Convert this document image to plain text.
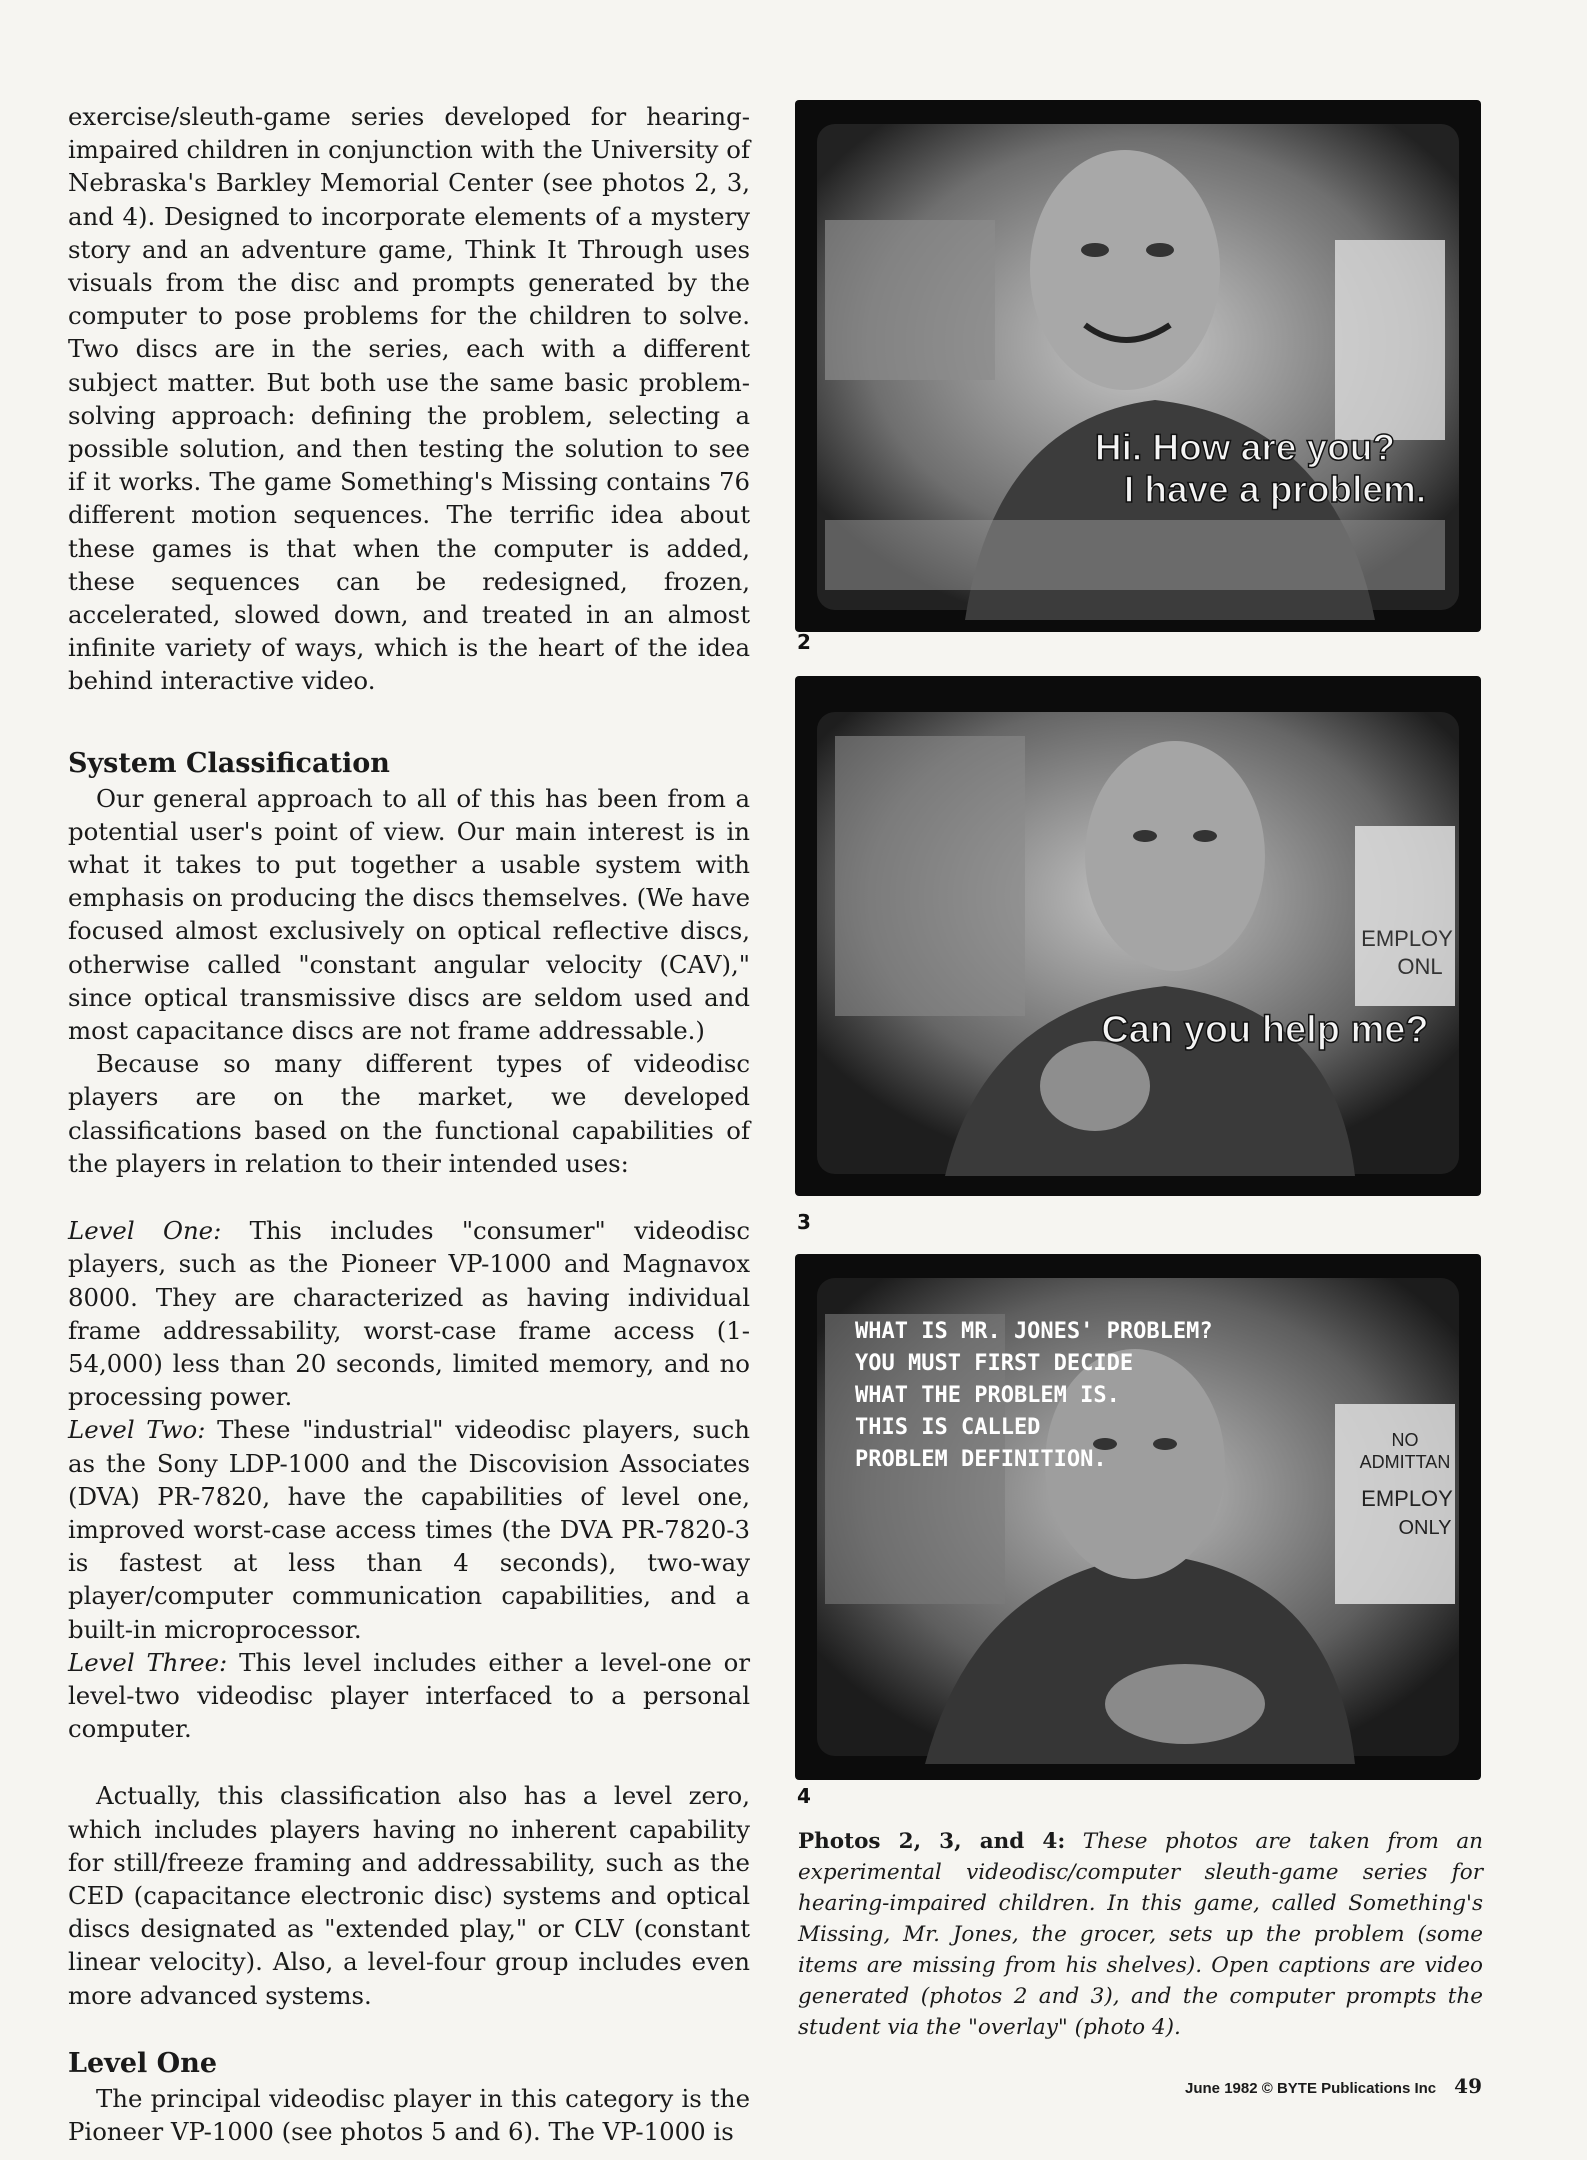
exercise/sleuth-game series developed for hearing-impaired children in conjunction with the University of Nebraska's Barkley Memorial Center (see photos 2, 3, and 4). Designed to incorporate elements of a mystery story and an adventure game, Think It Through uses visuals from the disc and prompts generated by the computer to pose problems for the children to solve. Two discs are in the series, each with a different subject matter. But both use the same basic problem-solving approach: defining the problem, selecting a possible solution, and then testing the solution to see if it works. The game Something's Missing contains 76 different motion sequences. The terrific idea about these games is that when the computer is added, these sequences can be redesigned, frozen, accelerated, slowed down, and treated in an almost infinite variety of ways, which is the heart of the idea behind interactive video.

System Classification

Our general approach to all of this has been from a potential user's point of view. Our main interest is in what it takes to put together a usable system with emphasis on producing the discs themselves. (We have focused almost exclusively on optical reflective discs, otherwise called "constant angular velocity (CAV)," since optical transmissive discs are seldom used and most capacitance discs are not frame addressable.)

Because so many different types of videodisc players are on the market, we developed classifications based on the functional capabilities of the players in relation to their intended uses:

Level One: This includes "consumer" videodisc players, such as the Pioneer VP-1000 and Magnavox 8000. They are characterized as having individual frame addressability, worst-case frame access (1-54,000) less than 20 seconds, limited memory, and no processing power.

Level Two: These "industrial" videodisc players, such as the Sony LDP-1000 and the Discovision Associates (DVA) PR-7820, have the capabilities of level one, improved worst-case access times (the DVA PR-7820-3 is fastest at less than 4 seconds), two-way player/computer communication capabilities, and a built-in microprocessor.

Level Three: This level includes either a level-one or level-two videodisc player interfaced to a personal computer.

Actually, this classification also has a level zero, which includes players having no inherent capability for still/freeze framing and addressability, such as the CED (capacitance electronic disc) systems and optical discs designated as "extended play," or CLV (constant linear velocity). Also, a level-four group includes even more advanced systems.

Level One

The principal videodisc player in this category is the Pioneer VP-1000 (see photos 5 and 6). The VP-1000 is

Hi. How are you?
I have a problem.
2
EMPLOY
ONL
Can you help me?
3
NO
ADMITTAN
EMPLOY
ONLY
WHAT IS MR. JONES' PROBLEM?
YOU MUST FIRST DECIDE
WHAT THE PROBLEM IS.
THIS IS CALLED
PROBLEM DEFINITION.
4

Photos 2, 3, and 4: These photos are taken from an experimental videodisc/computer sleuth-game series for hearing-impaired children. In this game, called Something's Missing, Mr. Jones, the grocer, sets up the problem (some items are missing from his shelves). Open captions are video generated (photos 2 and 3), and the computer prompts the student via the "overlay" (photo 4).

June 1982 © BYTE Publications Inc 49
